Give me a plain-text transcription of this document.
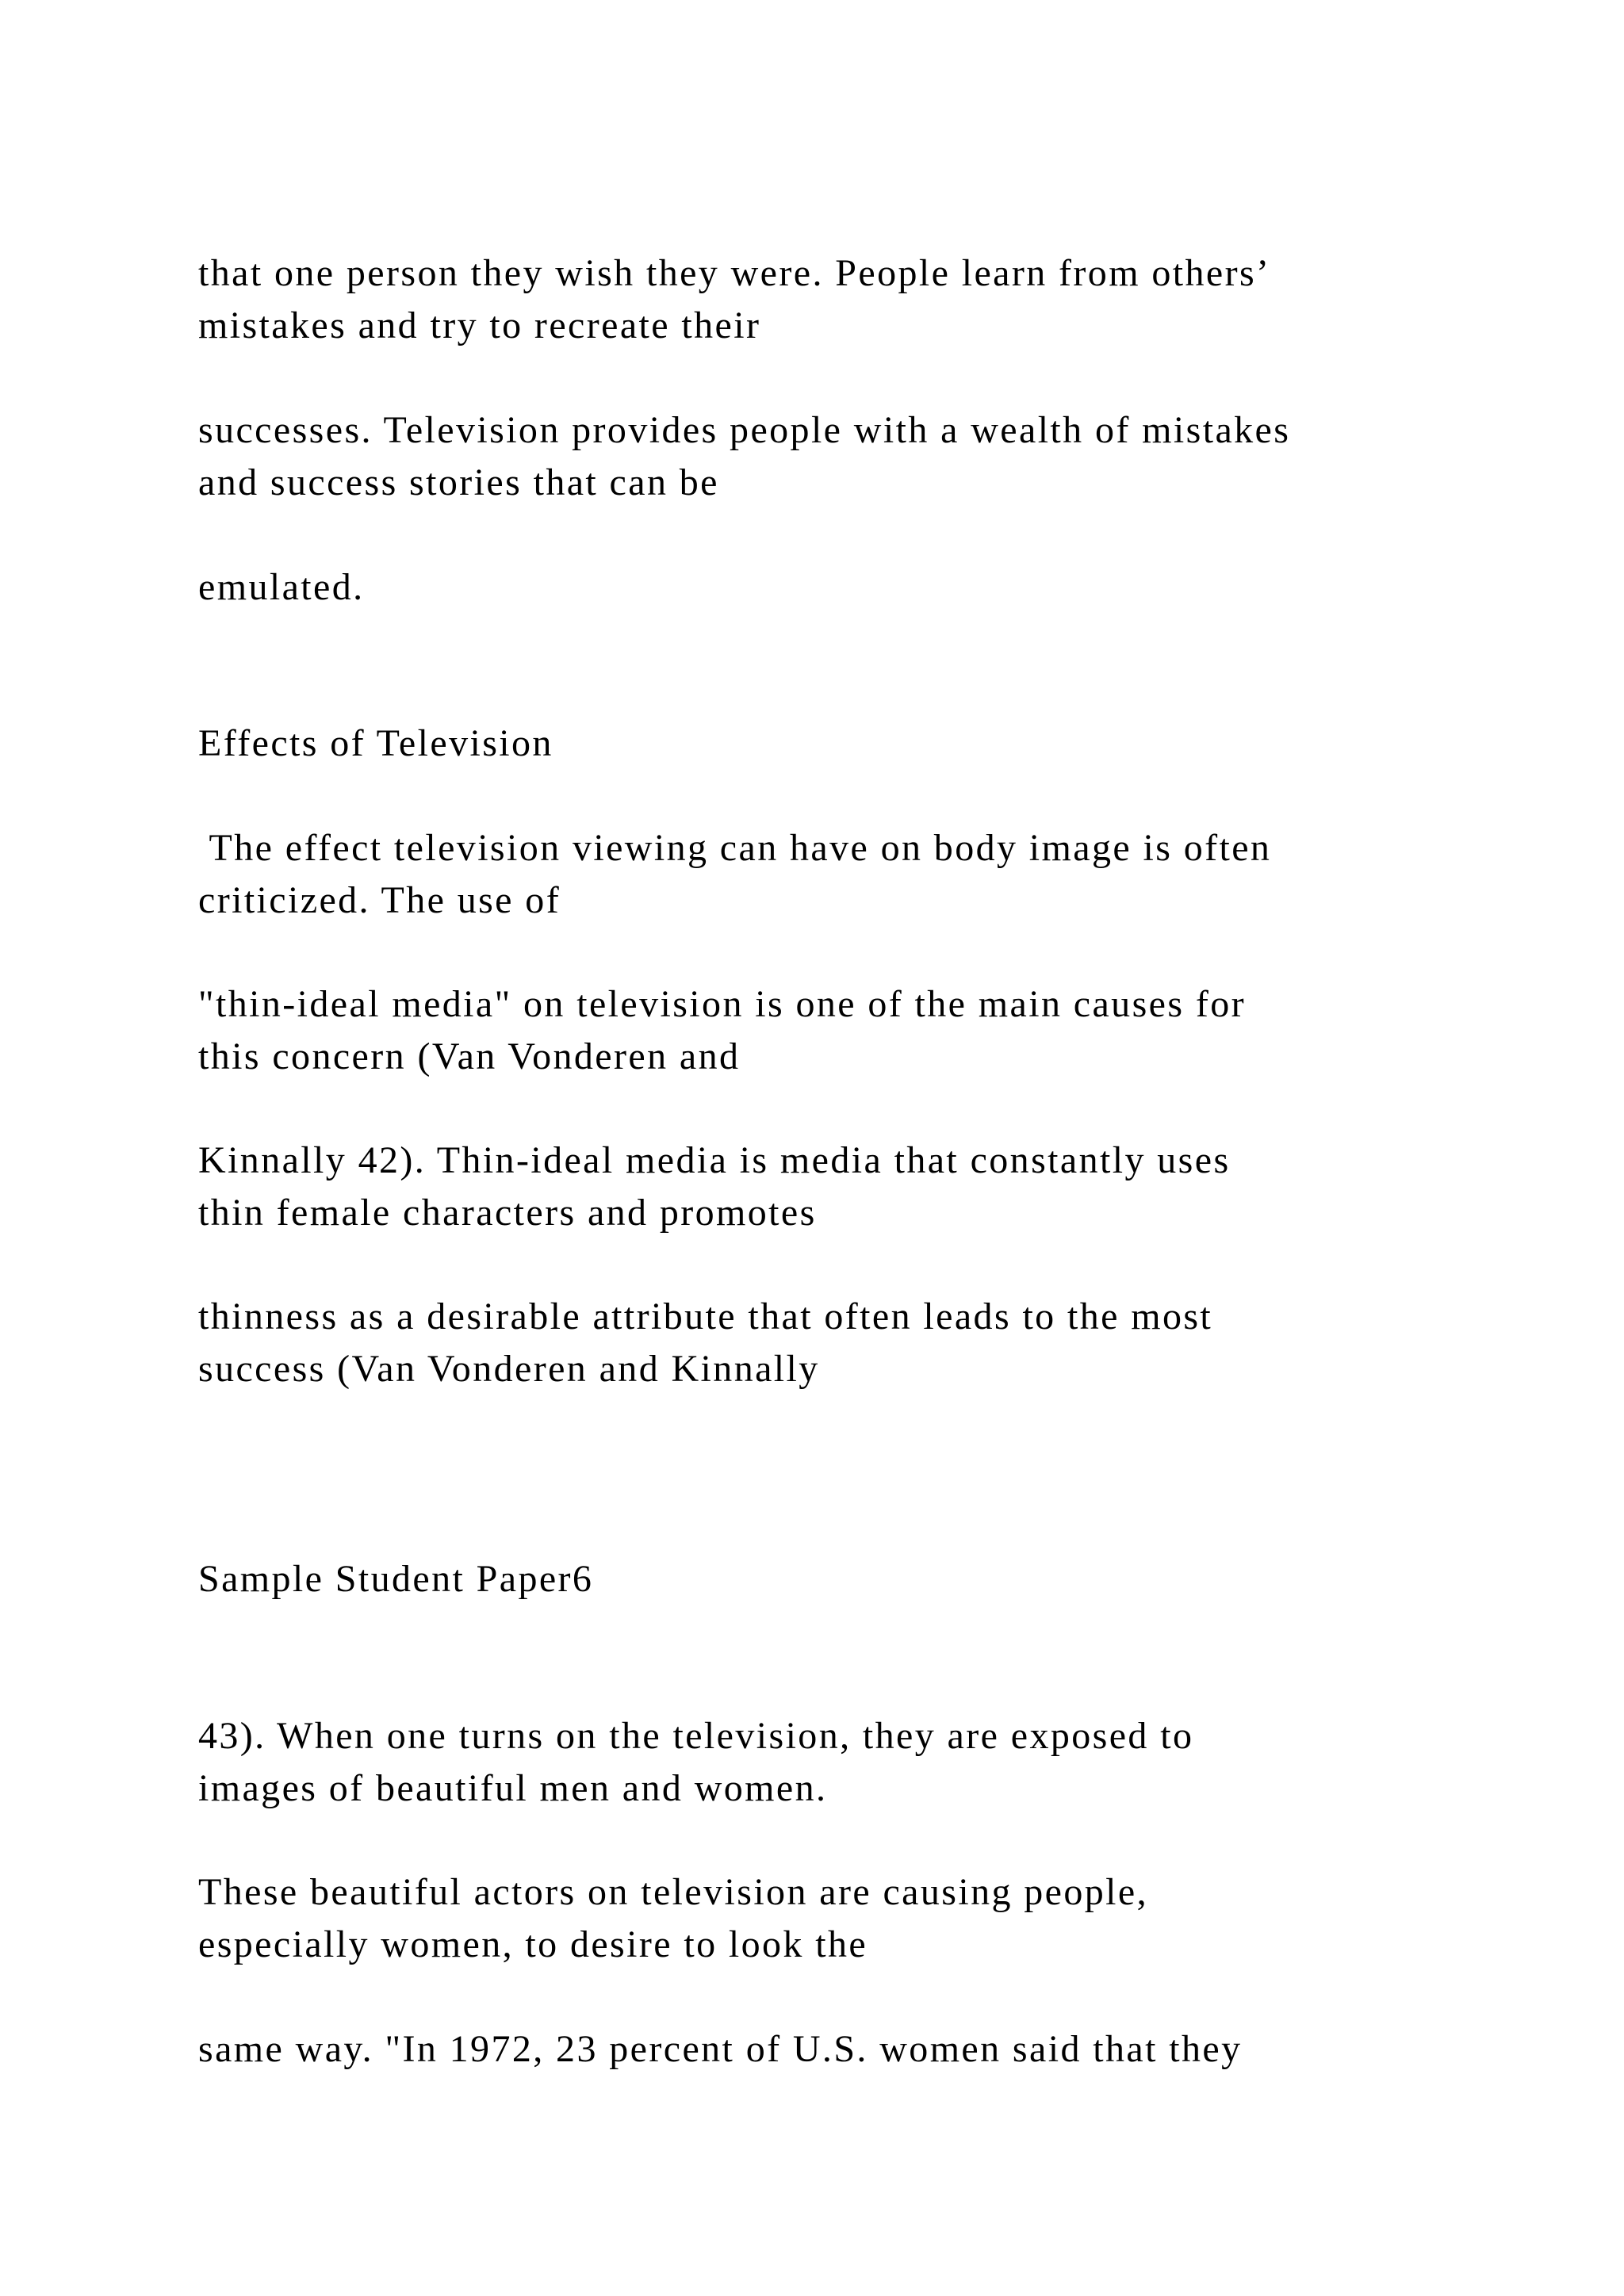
that one person they wish they were. People learn from others’

mistakes and try to recreate their

successes. Television provides people with a wealth of mistakes

and success stories that can be

emulated.

Effects of Television

The effect television viewing can have on body image is often

criticized. The use of

"thin-ideal media" on television is one of the main causes for

this concern (Van Vonderen and

Kinnally 42). Thin-ideal media is media that constantly uses

thin female characters and promotes

thinness as a desirable attribute that often leads to the most

success (Van Vonderen and Kinnally

Sample Student Paper6

43). When one turns on the television, they are exposed to

images of beautiful men and women.

These beautiful actors on television are causing people,

especially women, to desire to look the

same way. "In 1972, 23 percent of U.S. women said that they
